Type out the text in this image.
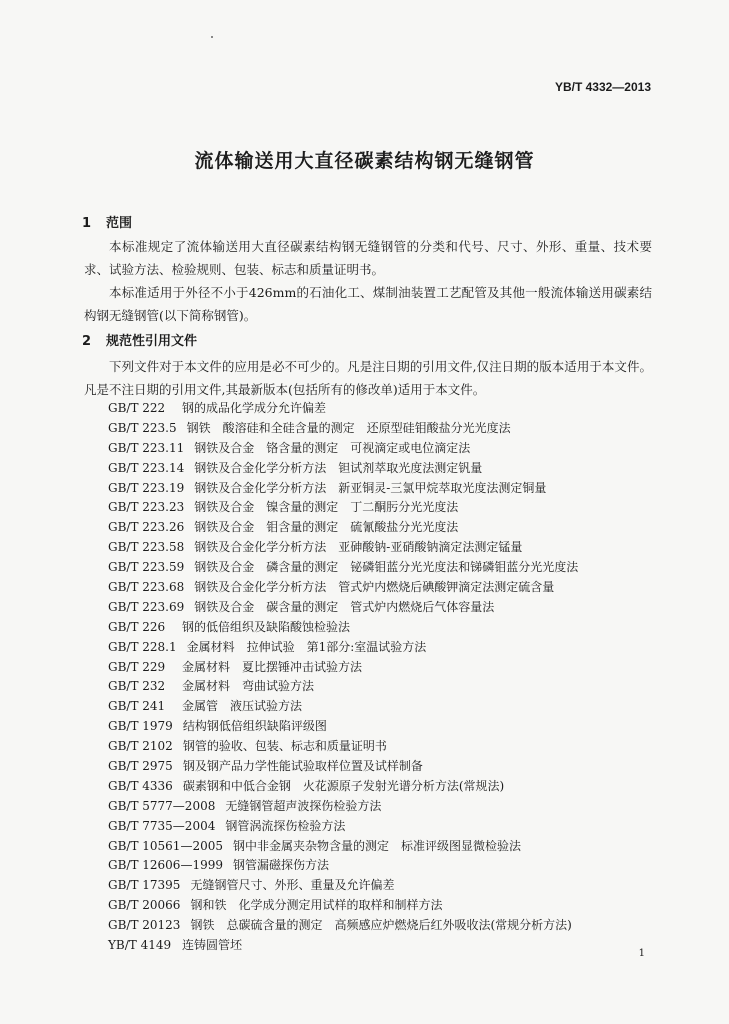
YB/T 4332—2013
流体输送用大直径碳素结构钢无缝钢管
1 范围
本标准规定了流体输送用大直径碳素结构钢无缝钢管的分类和代号、尺寸、外形、重量、技术要求、试验方法、检验规则、包装、标志和质量证明书。
本标准适用于外径不小于426mm的石油化工、煤制油装置工艺配管及其他一般流体输送用碳素结构钢无缝钢管(以下简称钢管)。
2 规范性引用文件
下列文件对于本文件的应用是必不可少的。凡是注日期的引用文件,仅注日期的版本适用于本文件。凡是不注日期的引用文件,其最新版本(包括所有的修改单)适用于本文件。
GB/T 222 钢的成品化学成分允许偏差
GB/T 223.5 钢铁　酸溶硅和全硅含量的测定　还原型硅钼酸盐分光光度法
GB/T 223.11 钢铁及合金　铬含量的测定　可视滴定或电位滴定法
GB/T 223.14 钢铁及合金化学分析方法　钽试剂萃取光度法测定钒量
GB/T 223.19 钢铁及合金化学分析方法　新亚铜灵-三氯甲烷萃取光度法测定铜量
GB/T 223.23 钢铁及合金　镍含量的测定　丁二酮肟分光光度法
GB/T 223.26 钢铁及合金　钼含量的测定　硫氰酸盐分光光度法
GB/T 223.58 钢铁及合金化学分析方法　亚砷酸钠-亚硝酸钠滴定法测定锰量
GB/T 223.59 钢铁及合金　磷含量的测定　铋磷钼蓝分光光度法和锑磷钼蓝分光光度法
GB/T 223.68 钢铁及合金化学分析方法　管式炉内燃烧后碘酸钾滴定法测定硫含量
GB/T 223.69 钢铁及合金　碳含量的测定　管式炉内燃烧后气体容量法
GB/T 226 钢的低倍组织及缺陷酸蚀检验法
GB/T 228.1 金属材料　拉伸试验　第1部分:室温试验方法
GB/T 229 金属材料　夏比摆锤冲击试验方法
GB/T 232 金属材料　弯曲试验方法
GB/T 241 金属管　液压试验方法
GB/T 1979 结构钢低倍组织缺陷评级图
GB/T 2102 钢管的验收、包装、标志和质量证明书
GB/T 2975 钢及钢产品力学性能试验取样位置及试样制备
GB/T 4336 碳素钢和中低合金钢　火花源原子发射光谱分析方法(常规法)
GB/T 5777—2008 无缝钢管超声波探伤检验方法
GB/T 7735—2004 钢管涡流探伤检验方法
GB/T 10561—2005 钢中非金属夹杂物含量的测定　标准评级图显微检验法
GB/T 12606—1999 钢管漏磁探伤方法
GB/T 17395 无缝钢管尺寸、外形、重量及允许偏差
GB/T 20066 钢和铁　化学成分测定用试样的取样和制样方法
GB/T 20123 钢铁　总碳硫含量的测定　高频感应炉燃烧后红外吸收法(常规分析方法)
YB/T 4149 连铸圆管坯
1
